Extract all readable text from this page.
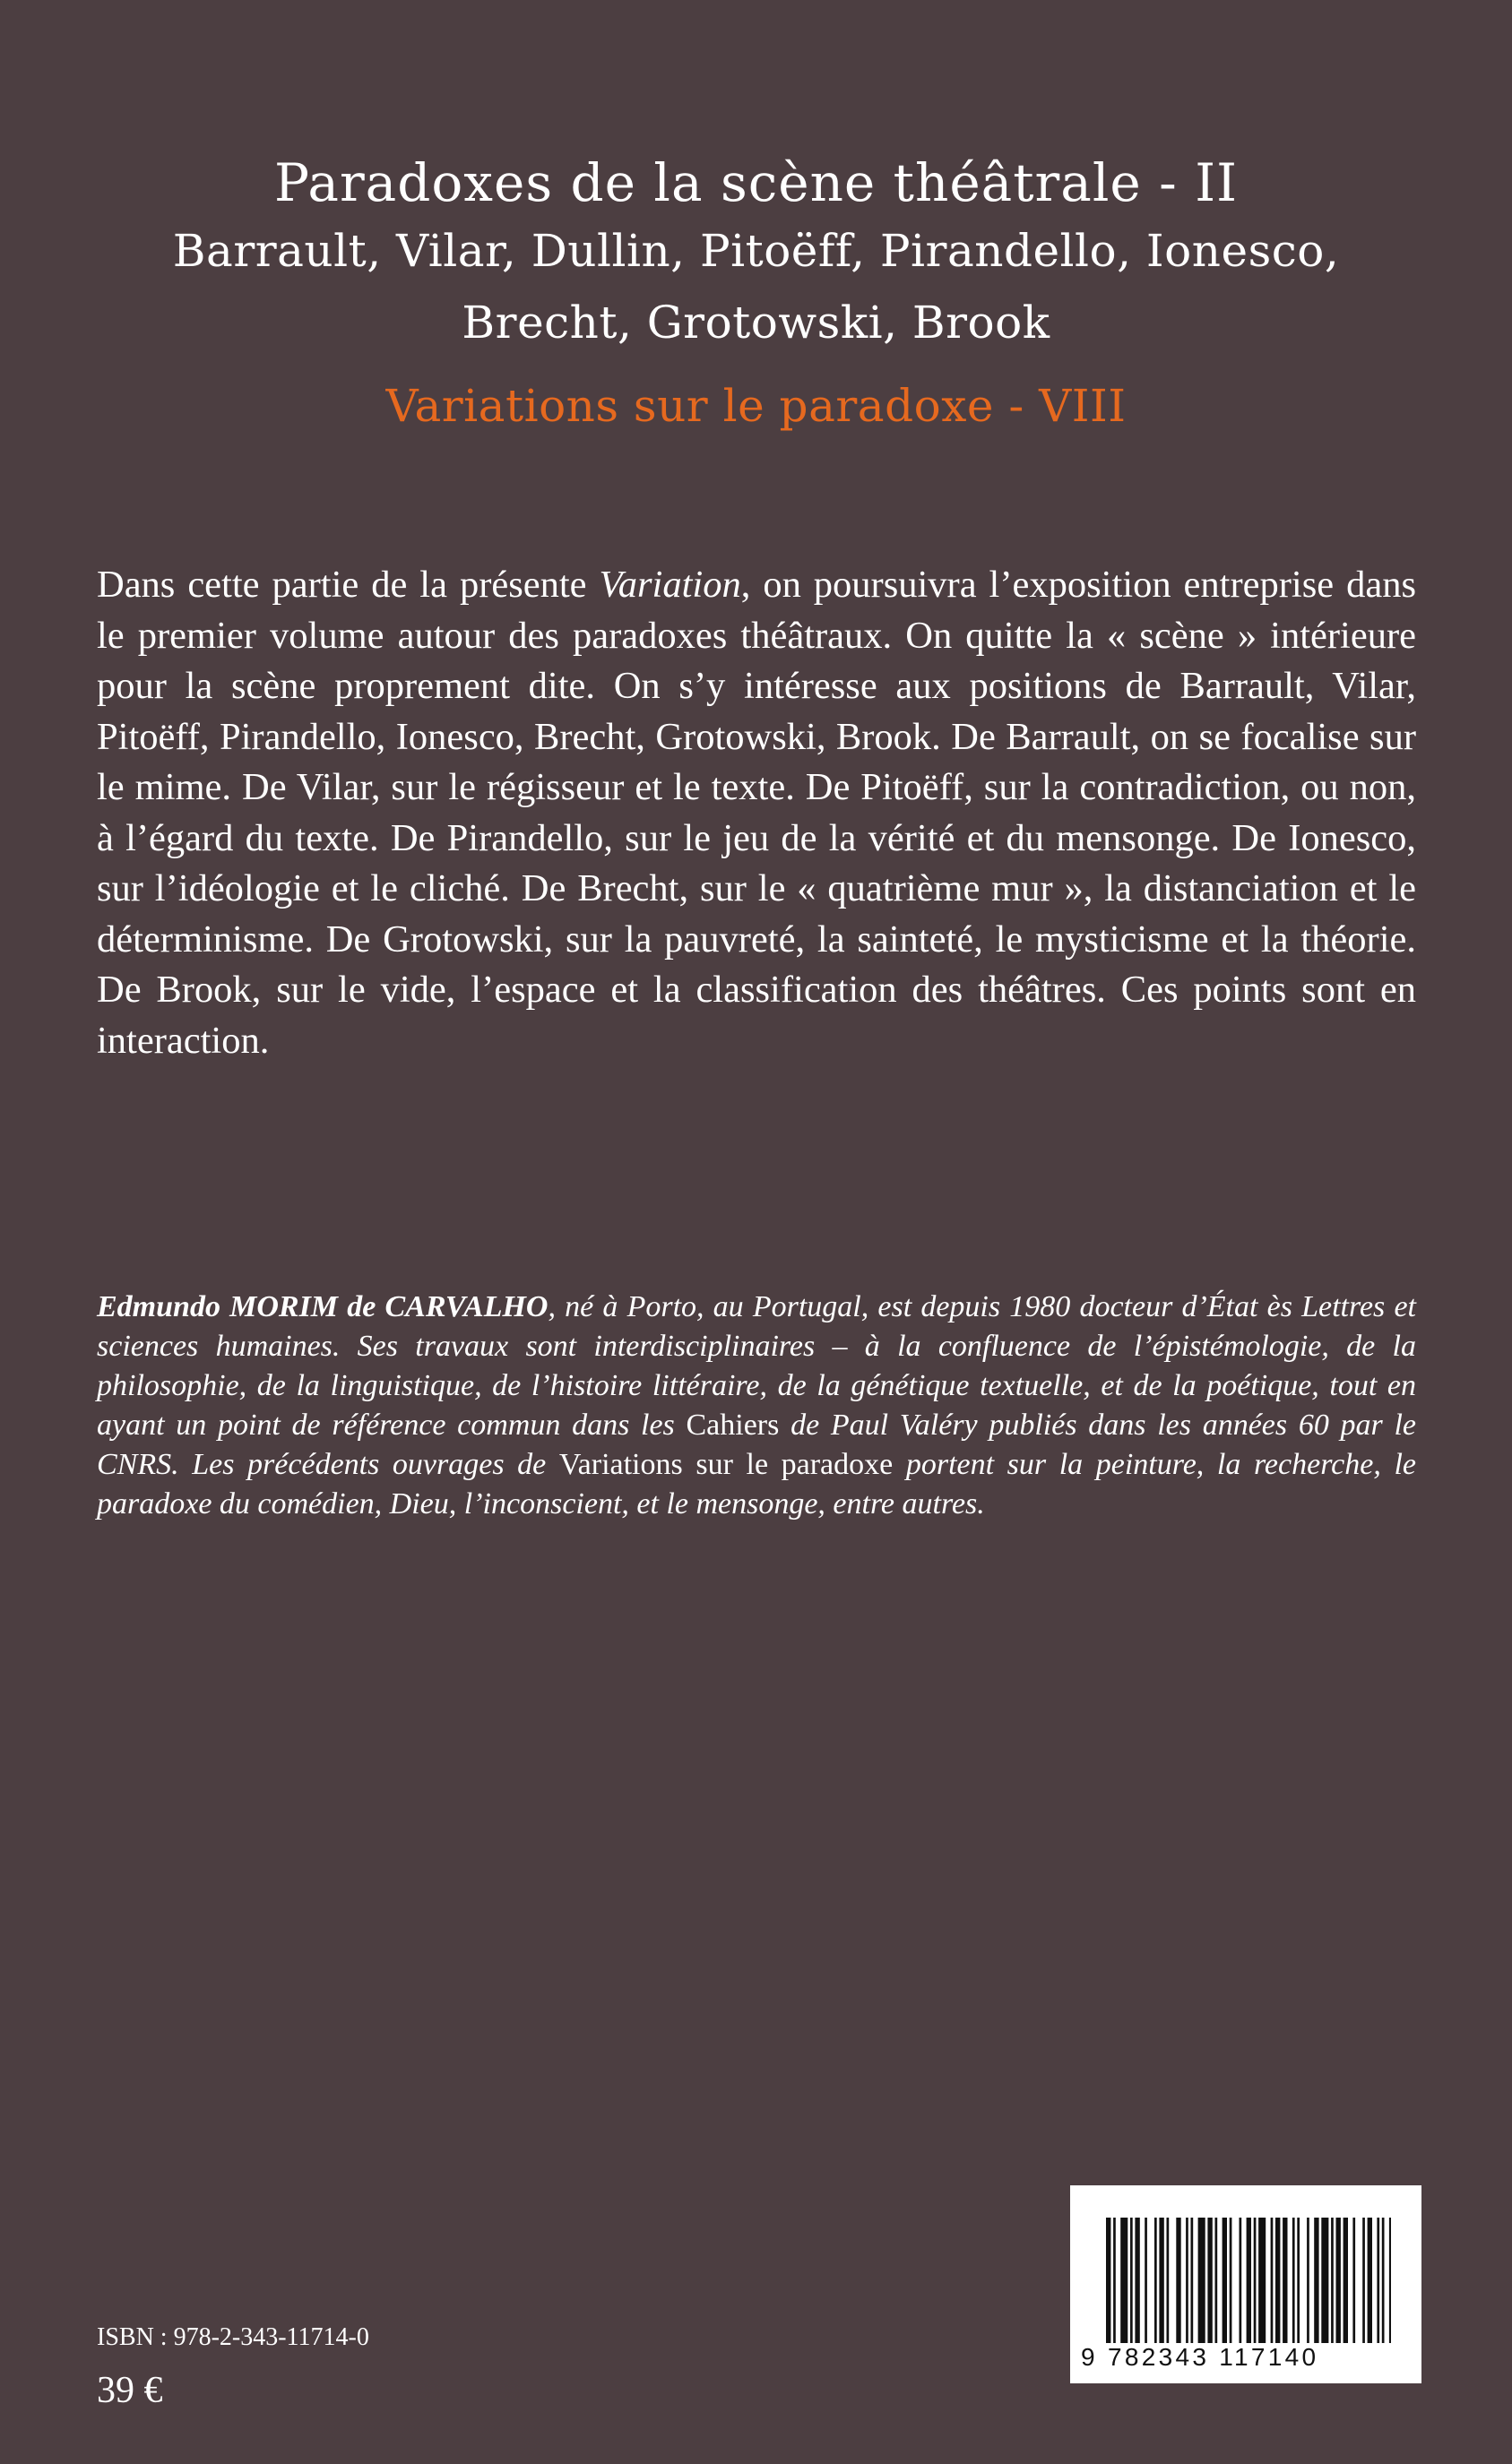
Paradoxes de la scène théâtrale - II
Barrault, Vilar, Dullin, Pitoëff, Pirandello, Ionesco,
Brecht, Grotowski, Brook
Variations sur le paradoxe - VIII
Dans cette partie de la présente Variation, on poursuivra l’exposition entreprise dans le premier volume autour des paradoxes théâtraux. On quitte la « scène » intérieure pour la scène proprement dite. On s’y intéresse aux positions de Barrault, Vilar, Pitoëff, Pirandello, Ionesco, Brecht, Grotowski, Brook. De Barrault, on se focalise sur le mime. De Vilar, sur le régisseur et le texte. De Pitoëff, sur la contradiction, ou non, à l’égard du texte. De Pirandello, sur le jeu de la vérité et du mensonge. De Ionesco, sur l’idéologie et le cliché. De Brecht, sur le « quatrième mur », la distanciation et le déterminisme. De Grotowski, sur la pauvreté, la sainteté, le mysticisme et la théorie. De Brook, sur le vide, l’espace et la classification des théâtres. Ces points sont en interaction.
Edmundo MORIM de CARVALHO, né à Porto, au Portugal, est depuis 1980 docteur d’État ès Lettres et sciences humaines. Ses travaux sont interdisciplinaires – à la confluence de l’épistémologie, de la philosophie, de la linguistique, de l’histoire littéraire, de la génétique textuelle, et de la poétique, tout en ayant un point de référence commun dans les Cahiers de Paul Valéry publiés dans les années 60 par le CNRS. Les précédents ouvrages de Variations sur le paradoxe portent sur la peinture, la recherche, le paradoxe du comédien, Dieu, l’inconscient, et le mensonge, entre autres.
ISBN : 978-2-343-11714-0
39 €
9 782343 117140
